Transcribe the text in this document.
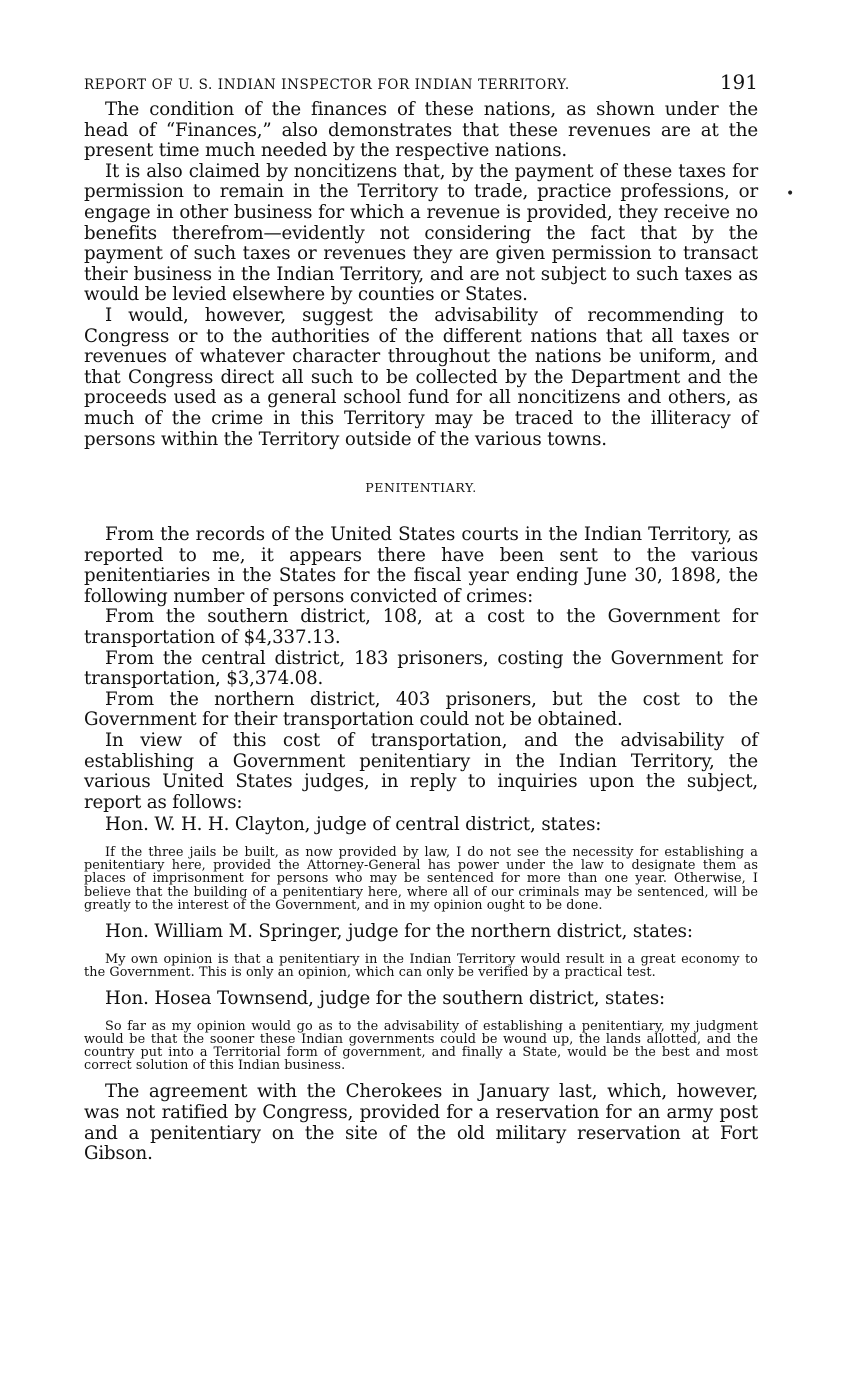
REPORT OF U. S. INDIAN INSPECTOR FOR INDIAN TERRITORY.	191

The condition of the finances of these nations, as shown under the head of “Finances,” also demonstrates that these revenues are at the present time much needed by the respective nations.

It is also claimed by noncitizens that, by the payment of these taxes for permission to remain in the Territory to trade, practice professions, or engage in other business for which a revenue is provided, they receive no benefits therefrom—evidently not considering the fact that by the payment of such taxes or revenues they are given permission to transact their business in the Indian Territory, and are not subject to such taxes as would be levied elsewhere by counties or States.

I would, however, suggest the advisability of recommending to Congress or to the authorities of the different nations that all taxes or revenues of whatever character throughout the nations be uniform, and that Congress direct all such to be collected by the Department and the proceeds used as a general school fund for all noncitizens and others, as much of the crime in this Territory may be traced to the illiteracy of persons within the Territory outside of the various towns.

PENITENTIARY.

From the records of the United States courts in the Indian Territory, as reported to me, it appears there have been sent to the various penitentiaries in the States for the fiscal year ending June 30, 1898, the following number of persons convicted of crimes:

From the southern district, 108, at a cost to the Government for transportation of $4,337.13.

From the central district, 183 prisoners, costing the Government for transportation, $3,374.08.

From the northern district, 403 prisoners, but the cost to the Government for their transportation could not be obtained.

In view of this cost of transportation, and the advisability of establishing a Government penitentiary in the Indian Territory, the various United States judges, in reply to inquiries upon the subject, report as follows:

Hon. W. H. H. Clayton, judge of central district, states:

If the three jails be built, as now provided by law, I do not see the necessity for establishing a penitentiary here, provided the Attorney-General has power under the law to designate them as places of imprisonment for persons who may be sentenced for more than one year. Otherwise, I believe that the building of a penitentiary here, where all of our criminals may be sentenced, will be greatly to the interest of the Government, and in my opinion ought to be done.

Hon. William M. Springer, judge for the northern district, states:

My own opinion is that a penitentiary in the Indian Territory would result in a great economy to the Government. This is only an opinion, which can only be verified by a practical test.

Hon. Hosea Townsend, judge for the southern district, states:

So far as my opinion would go as to the advisability of establishing a penitentiary, my judgment would be that the sooner these Indian governments could be wound up, the lands allotted, and the country put into a Territorial form of government, and finally a State, would be the best and most correct solution of this Indian business.

The agreement with the Cherokees in January last, which, however, was not ratified by Congress, provided for a reservation for an army post and a penitentiary on the site of the old military reservation at Fort Gibson.

•
